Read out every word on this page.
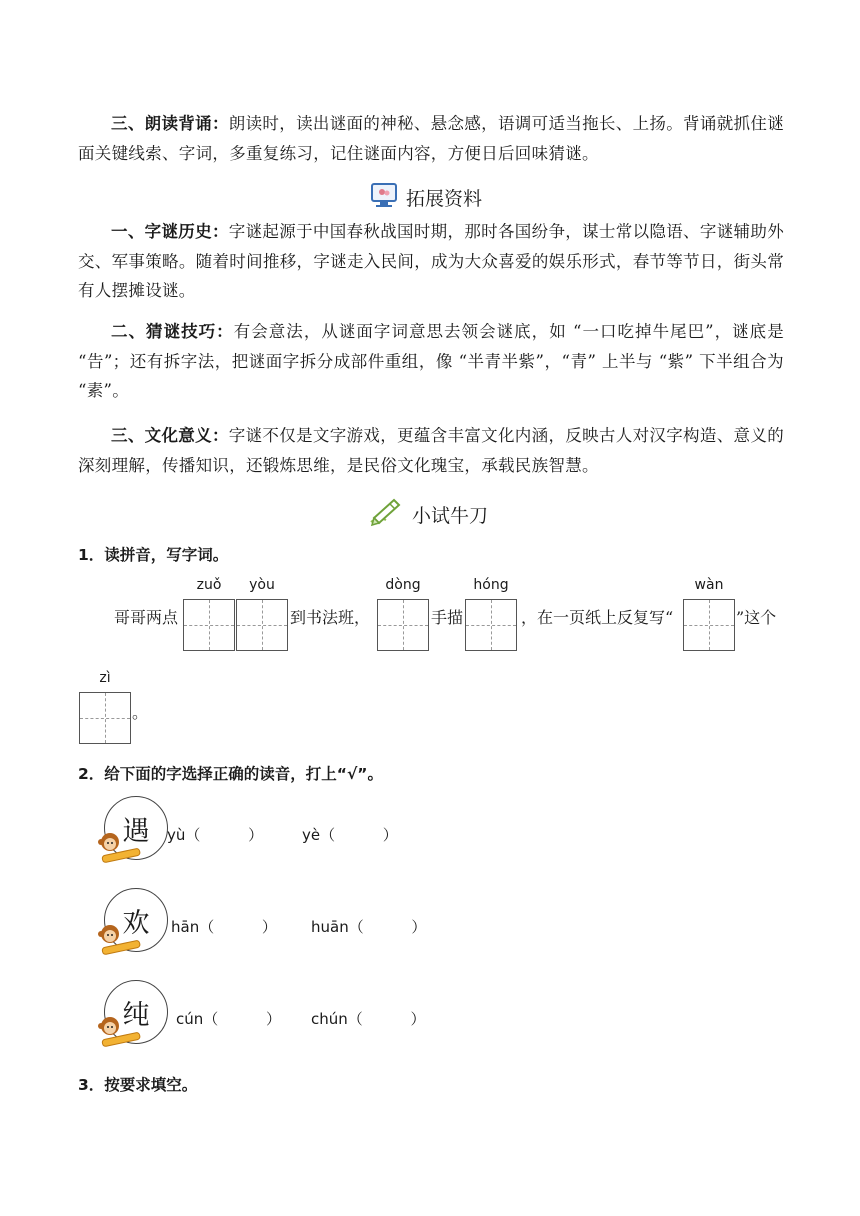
三、朗读背诵：朗读时，读出谜面的神秘、悬念感，语调可适当拖长、上扬。背诵就抓住谜面关键线索、字词，多重复练习，记住谜面内容，方便日后回味猜谜。
拓展资料
一、字谜历史：字谜起源于中国春秋战国时期，那时各国纷争，谋士常以隐语、字谜辅助外交、军事策略。随着时间推移，字谜走入民间，成为大众喜爱的娱乐形式，春节等节日，街头常有人摆摊设谜。
二、猜谜技巧：有会意法，从谜面字词意思去领会谜底，如 “一口吃掉牛尾巴”，谜底是 “告”；还有拆字法，把谜面字拆分成部件重组，像 “半青半紫”，“青” 上半与 “紫” 下半组合为 “素”。
三、文化意义：字谜不仅是文字游戏，更蕴含丰富文化内涵，反映古人对汉字构造、意义的深刻理解，传播知识，还锻炼思维，是民俗文化瑰宝，承载民族智慧。
小试牛刀
1．读拼音，写字词。
zuǒ	yòu	dòng	hóng	wàn
zì
哥哥两点	到书法班，	手描	，在一页纸上反复写“	”这个
。
2．给下面的字选择正确的读音，打上“√”。
遇 yù（          ）	yè（          ）
欢 hān（          ） huān（          ）
纯 cún（          ） chún（          ）
3．按要求填空。
